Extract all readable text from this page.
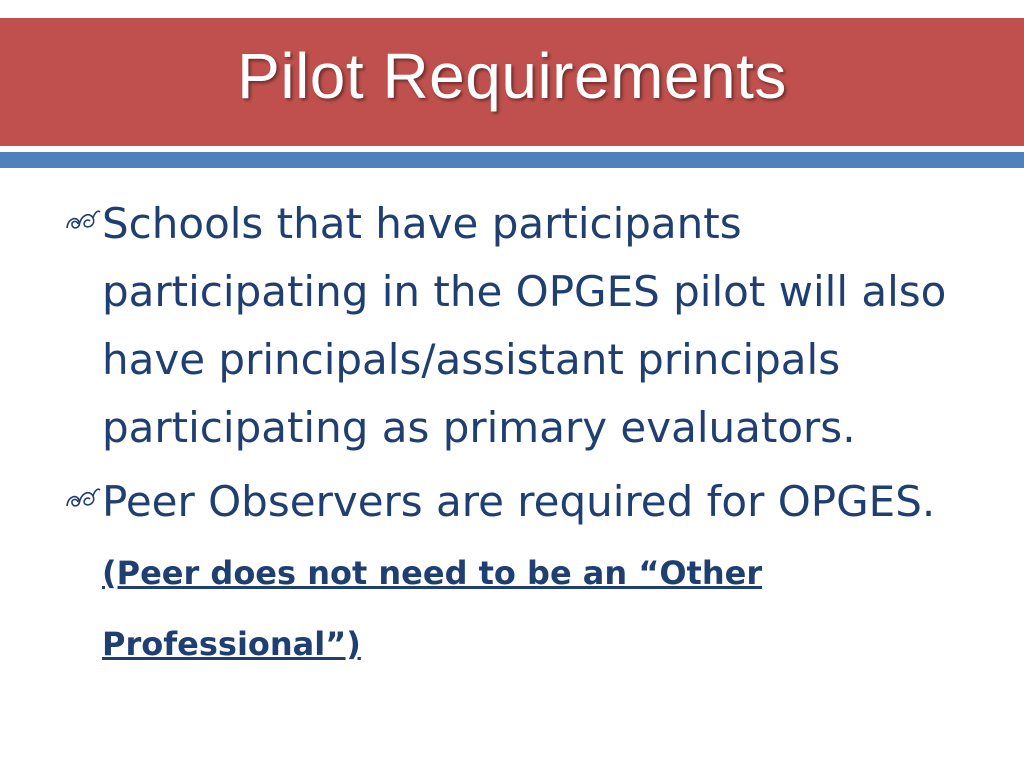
Pilot Requirements
Schools that have participants participating in the OPGES pilot will also have principals/assistant principals participating as primary evaluators.
Peer Observers are required for OPGES. (Peer does not need to be an “Other Professional”)
